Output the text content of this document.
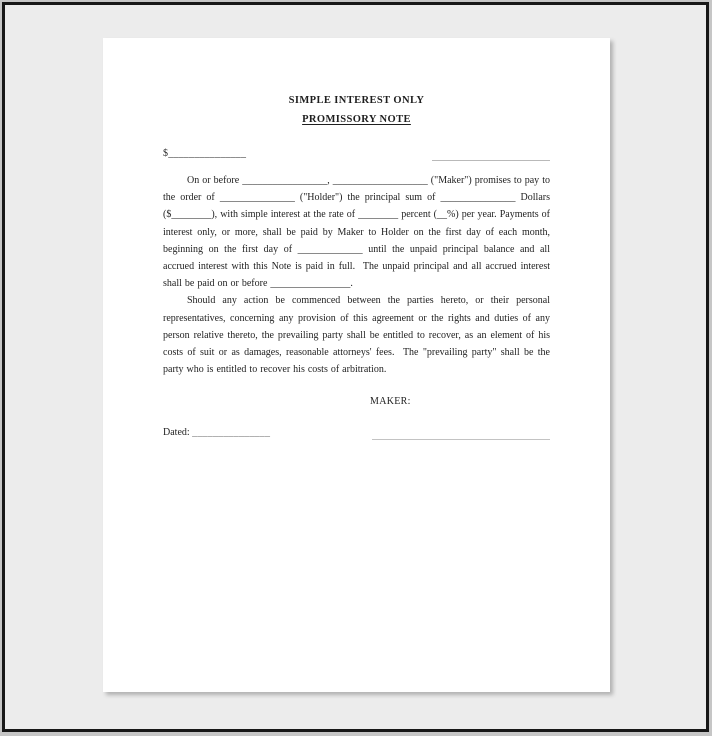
SIMPLE INTEREST ONLY
PROMISSORY NOTE
$_______________

On or before _________________, ___________________ ("Maker") promises to pay to the order of _______________ ("Holder") the principal sum of _______________ Dollars ($________), with simple interest at the rate of ________ percent (__%) per year. Payments of interest only, or more, shall be paid by Maker to Holder on the first day of each month, beginning on the first day of _____________ until the unpaid principal balance and all accrued interest with this Note is paid in full.  The unpaid principal and all accrued interest shall be paid on or before ________________.

Should any action be commenced between the parties hereto, or their personal representatives, concerning any provision of this agreement or the rights and duties of any person relative thereto, the prevailing party shall be entitled to recover, as an element of his costs of suit or as damages, reasonable attorneys' fees.  The "prevailing party" shall be the party who is entitled to recover his costs of arbitration.

MAKER:
Dated: _______________
